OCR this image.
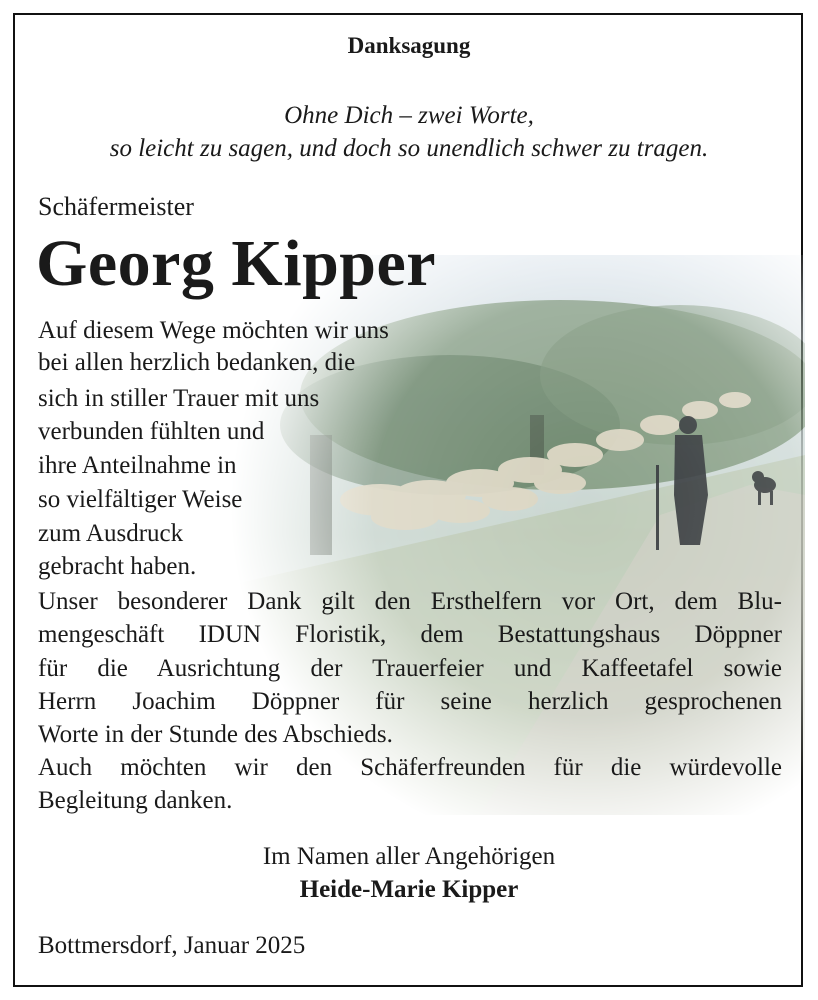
Danksagung
Ohne Dich – zwei Worte,
so leicht zu sagen, und doch so unendlich schwer zu tragen.
Schäfermeister
Georg Kipper
Auf diesem Wege möchten wir uns
bei allen herzlich bedanken, die
sich in stiller Trauer mit uns
verbunden fühlten und
ihre Anteilnahme in
so vielfältiger Weise
zum Ausdruck
gebracht haben.
Unser besonderer Dank gilt den Ersthelfern vor Ort, dem Blu-
mengeschäft IDUN Floristik, dem Bestattungshaus Döppner
für die Ausrichtung der Trauerfeier und Kaffeetafel sowie
Herrn Joachim Döppner für seine herzlich gesprochenen
Worte in der Stunde des Abschieds.
Auch möchten wir den Schäferfreunden für die würdevolle
Begleitung danken.
Im Namen aller Angehörigen
Heide-Marie Kipper
Bottmersdorf, Januar 2025
